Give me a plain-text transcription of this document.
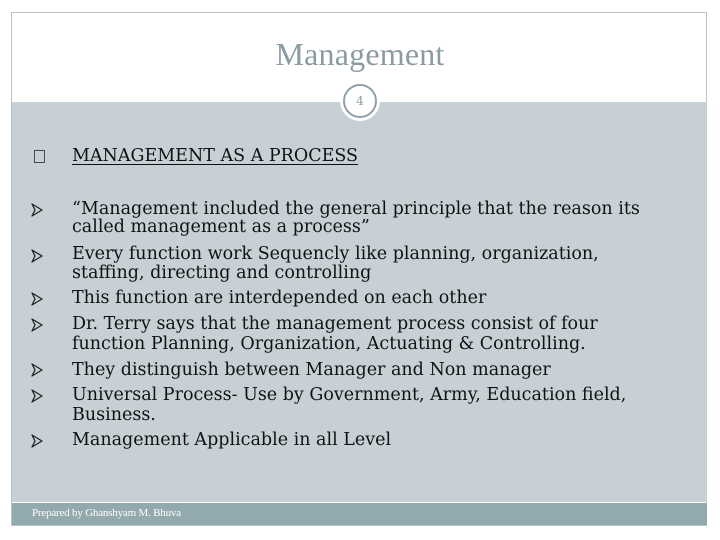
Management
4
MANAGEMENT AS A PROCESS
“Management included the general principle that the reason its
called management as a process”
Every function work Sequencly like planning, organization,
staffing, directing and controlling
This function are interdepended on each other
Dr. Terry says that the management process consist of four
function Planning, Organization, Actuating & Controlling.
They distinguish between Manager and Non manager
Universal Process- Use by Government, Army, Education field,
Business.
Management Applicable in all Level
Prepared by Ghanshyam M. Bhuva
